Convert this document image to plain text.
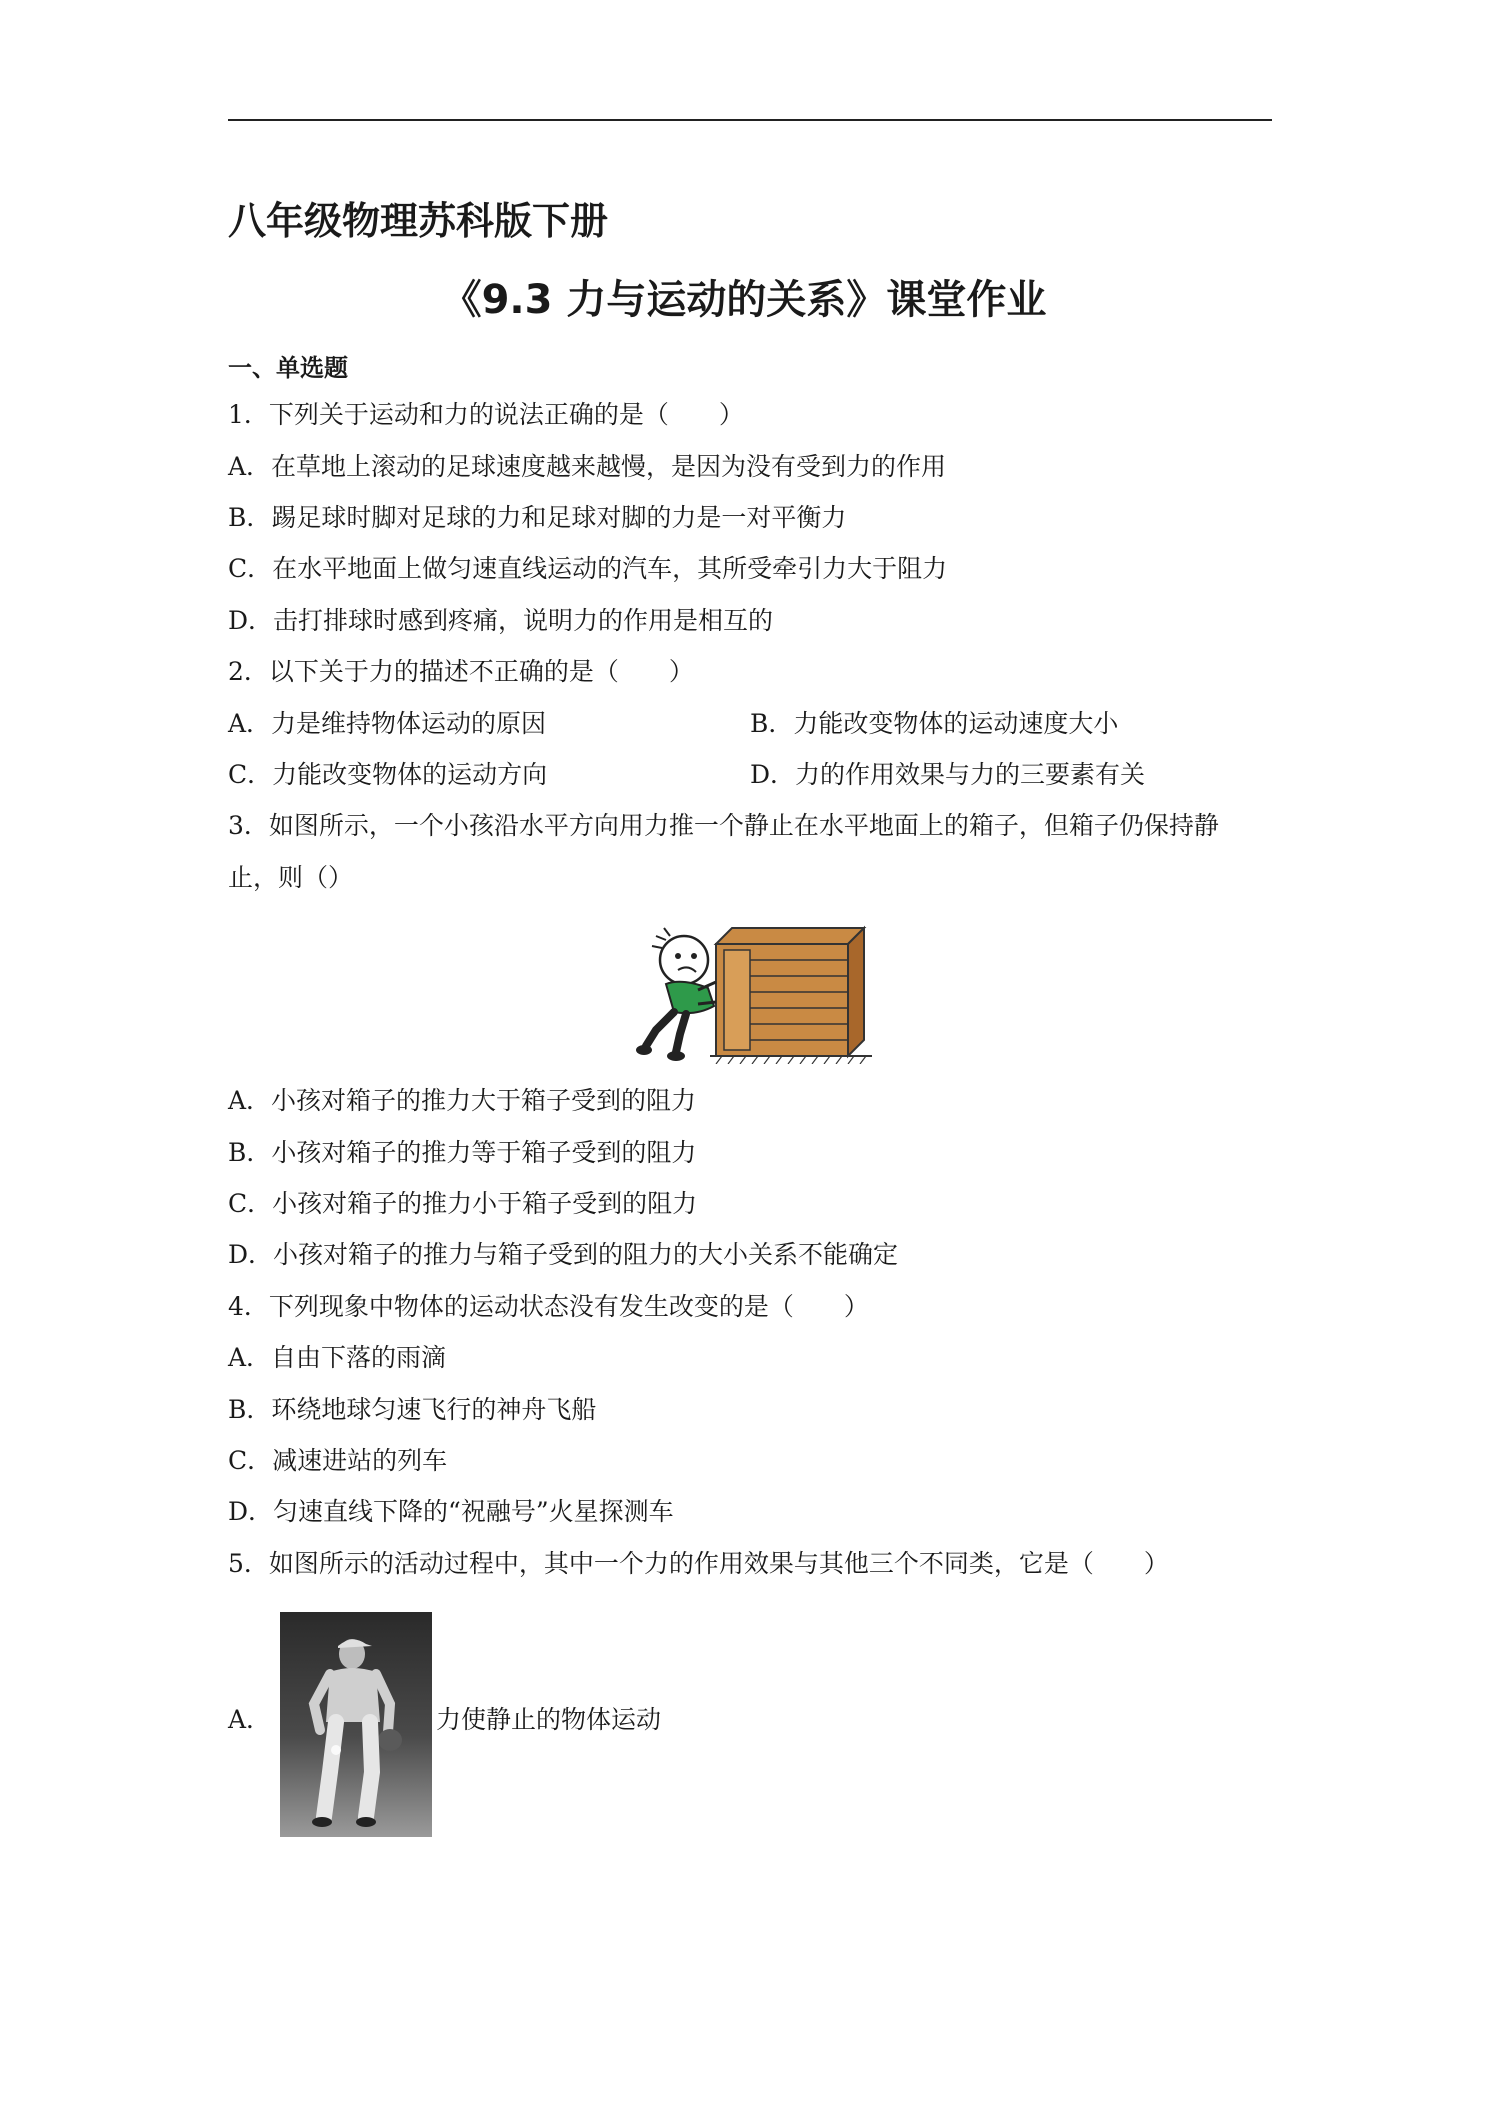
八年级物理苏科版下册
《9.3 力与运动的关系》课堂作业
一、单选题
1．下列关于运动和力的说法正确的是（　　）
A．在草地上滚动的足球速度越来越慢，是因为没有受到力的作用
B．踢足球时脚对足球的力和足球对脚的力是一对平衡力
C．在水平地面上做匀速直线运动的汽车，其所受牵引力大于阻力
D．击打排球时感到疼痛，说明力的作用是相互的
2．以下关于力的描述不正确的是（　　）
A．力是维持物体运动的原因	B．力能改变物体的运动速度大小
C．力能改变物体的运动方向	D．力的作用效果与力的三要素有关
3．如图所示，一个小孩沿水平方向用力推一个静止在水平地面上的箱子，但箱子仍保持静
止，则（）
A．小孩对箱子的推力大于箱子受到的阻力
B．小孩对箱子的推力等于箱子受到的阻力
C．小孩对箱子的推力小于箱子受到的阻力
D．小孩对箱子的推力与箱子受到的阻力的大小关系不能确定
4．下列现象中物体的运动状态没有发生改变的是（　　）
A．自由下落的雨滴
B．环绕地球匀速飞行的神舟飞船
C．减速进站的列车
D．匀速直线下降的“祝融号”火星探测车
5．如图所示的活动过程中，其中一个力的作用效果与其他三个不同类，它是（　　）
A．	力使静止的物体运动
